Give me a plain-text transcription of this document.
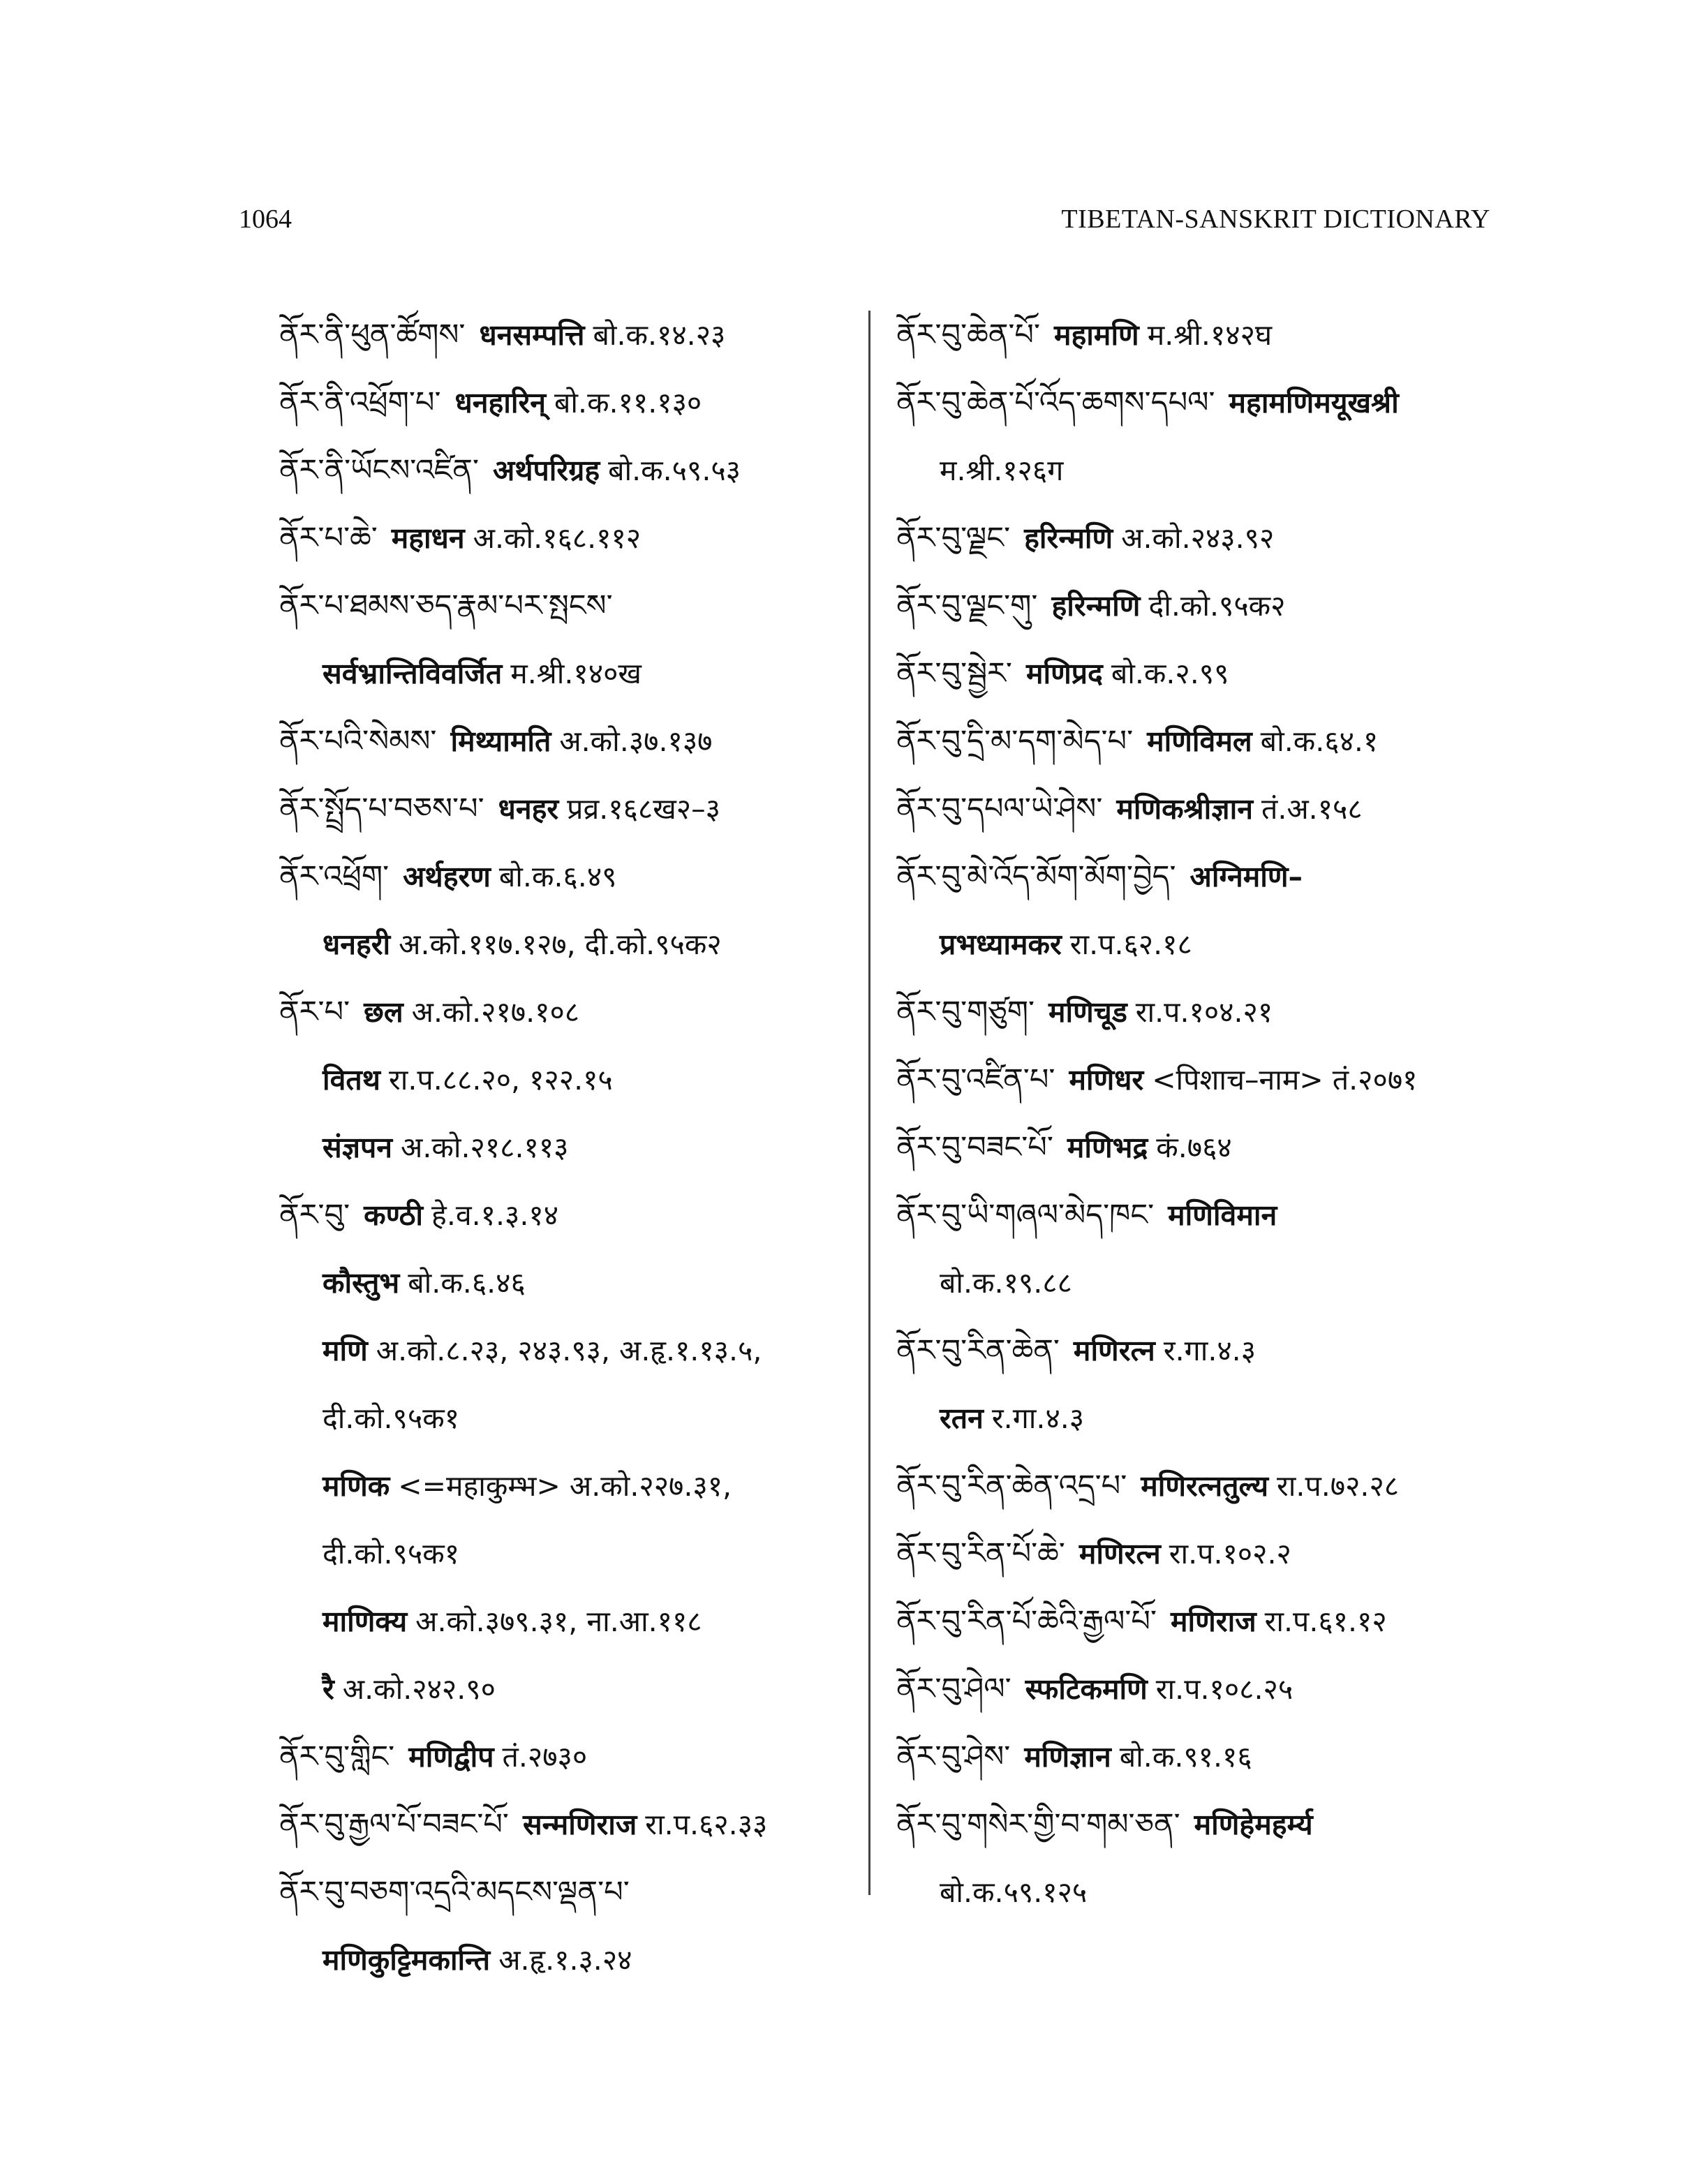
1064	TIBETAN-SANSKRIT DICTIONARY
ནོར་ནི་ཕུན་ཚོགས་ धनसम्पत्ति बो.क.१४.२३
ནོར་ནི་འཕྲོག་པ་ धनहारिन् बो.क.११.१३०
ནོར་ནི་ཡོངས་འཛིན་ अर्थपरिग्रह बो.क.५९.५३
ནོར་པ་ཆེ་ महाधन अ.को.१६८.११२
ནོར་པ་ཐམས་ཅད་རྣམ་པར་སྤངས་
सर्वभ्रान्तिविवर्जित म.श्री.१४०ख
ནོར་པའི་སེམས་ मिथ्यामति अ.को.३७.१३७
ནོར་སྤྲོད་པ་བཅས་པ་ धनहर प्रव्र.१६८ख२–३
ནོར་འཕྲོག་ अर्थहरण बो.क.६.४९
धनहरी अ.को.११७.१२७, दी.को.९५क२
ནོར་པ་ छल अ.को.२१७.१०८
वितथ रा.प.८८.२०, १२२.१५
संज्ञपन अ.को.२१८.११३
ནོར་བུ་ कण्ठी हे.व.१.३.१४
कौस्तुभ बो.क.६.४६
मणि अ.को.८.२३, २४३.९३, अ.हृ.१.१३.५,
दी.को.९५क१
मणिक <=महाकुम्भ> अ.को.२२७.३१,
दी.को.९५क१
माणिक्य अ.को.३७९.३१, ना.आ.११८
रै अ.को.२४२.९०
ནོར་བུ་གླིང་ मणिद्वीप तं.२७३०
ནོར་བུ་རྒྱལ་པོ་བཟང་པོ་ सन्मणिराज रा.प.६२.३३
ནོར་བུ་བཅག་འདྲའི་མདངས་ལྡན་པ་
मणिकुट्टिमकान्ति अ.हृ.१.३.२४
ནོར་བུ་ཆེན་པོ་ महामणि म.श्री.१४२घ
ནོར་བུ་ཆེན་པོ་འོད་ཆགས་དཔལ་ महामणिमयूखश्री
म.श्री.१२६ग
ནོར་བུ་ལྗང་ हरिन्मणि अ.को.२४३.९२
ནོར་བུ་ལྗང་གུ་ हरिन्मणि दी.को.९५क२
ནོར་བུ་སྦྱེར་ मणिप्रद बो.क.२.९९
ནོར་བུ་དྲི་མ་དག་མེད་པ་ मणिविमल बो.क.६४.१
ནོར་བུ་དཔལ་ཡེ་ཤེས་ मणिकश्रीज्ञान तं.अ.१५८
ནོར་བུ་མེ་འོད་མོག་མོག་བྱེད་ अग्निमणि–
प्रभध्यामकर रा.प.६२.१८
ནོར་བུ་གཙུག་ मणिचूड रा.प.१०४.२१
ནོར་བུ་འཛིན་པ་ मणिधर <पिशाच–नाम> तं.२०७१
ནོར་བུ་བཟང་པོ་ मणिभद्र कं.७६४
ནོར་བུ་ཡི་གཞལ་མེད་ཁང་ मणिविमान
बो.क.१९.८८
ནོར་བུ་རིན་ཆེན་ मणिरत्न र.गा.४.३
रतन र.गा.४.३
ནོར་བུ་རིན་ཆེན་འདྲ་པ་ मणिरत्नतुल्य रा.प.७२.२८
ནོར་བུ་རིན་པོ་ཆེ་ मणिरत्न रा.प.१०२.२
ནོར་བུ་རིན་པོ་ཆེའི་རྒྱལ་པོ་ मणिराज रा.प.६१.१२
ནོར་བུ་ཤེལ་ स्फटिकमणि रा.प.१०८.२५
ནོར་བུ་ཤེས་ मणिज्ञान बो.क.९१.१६
ནོར་བུ་གསེར་གྱི་བ་གམ་ཅན་ मणिहेमहर्म्य
बो.क.५९.१२५
